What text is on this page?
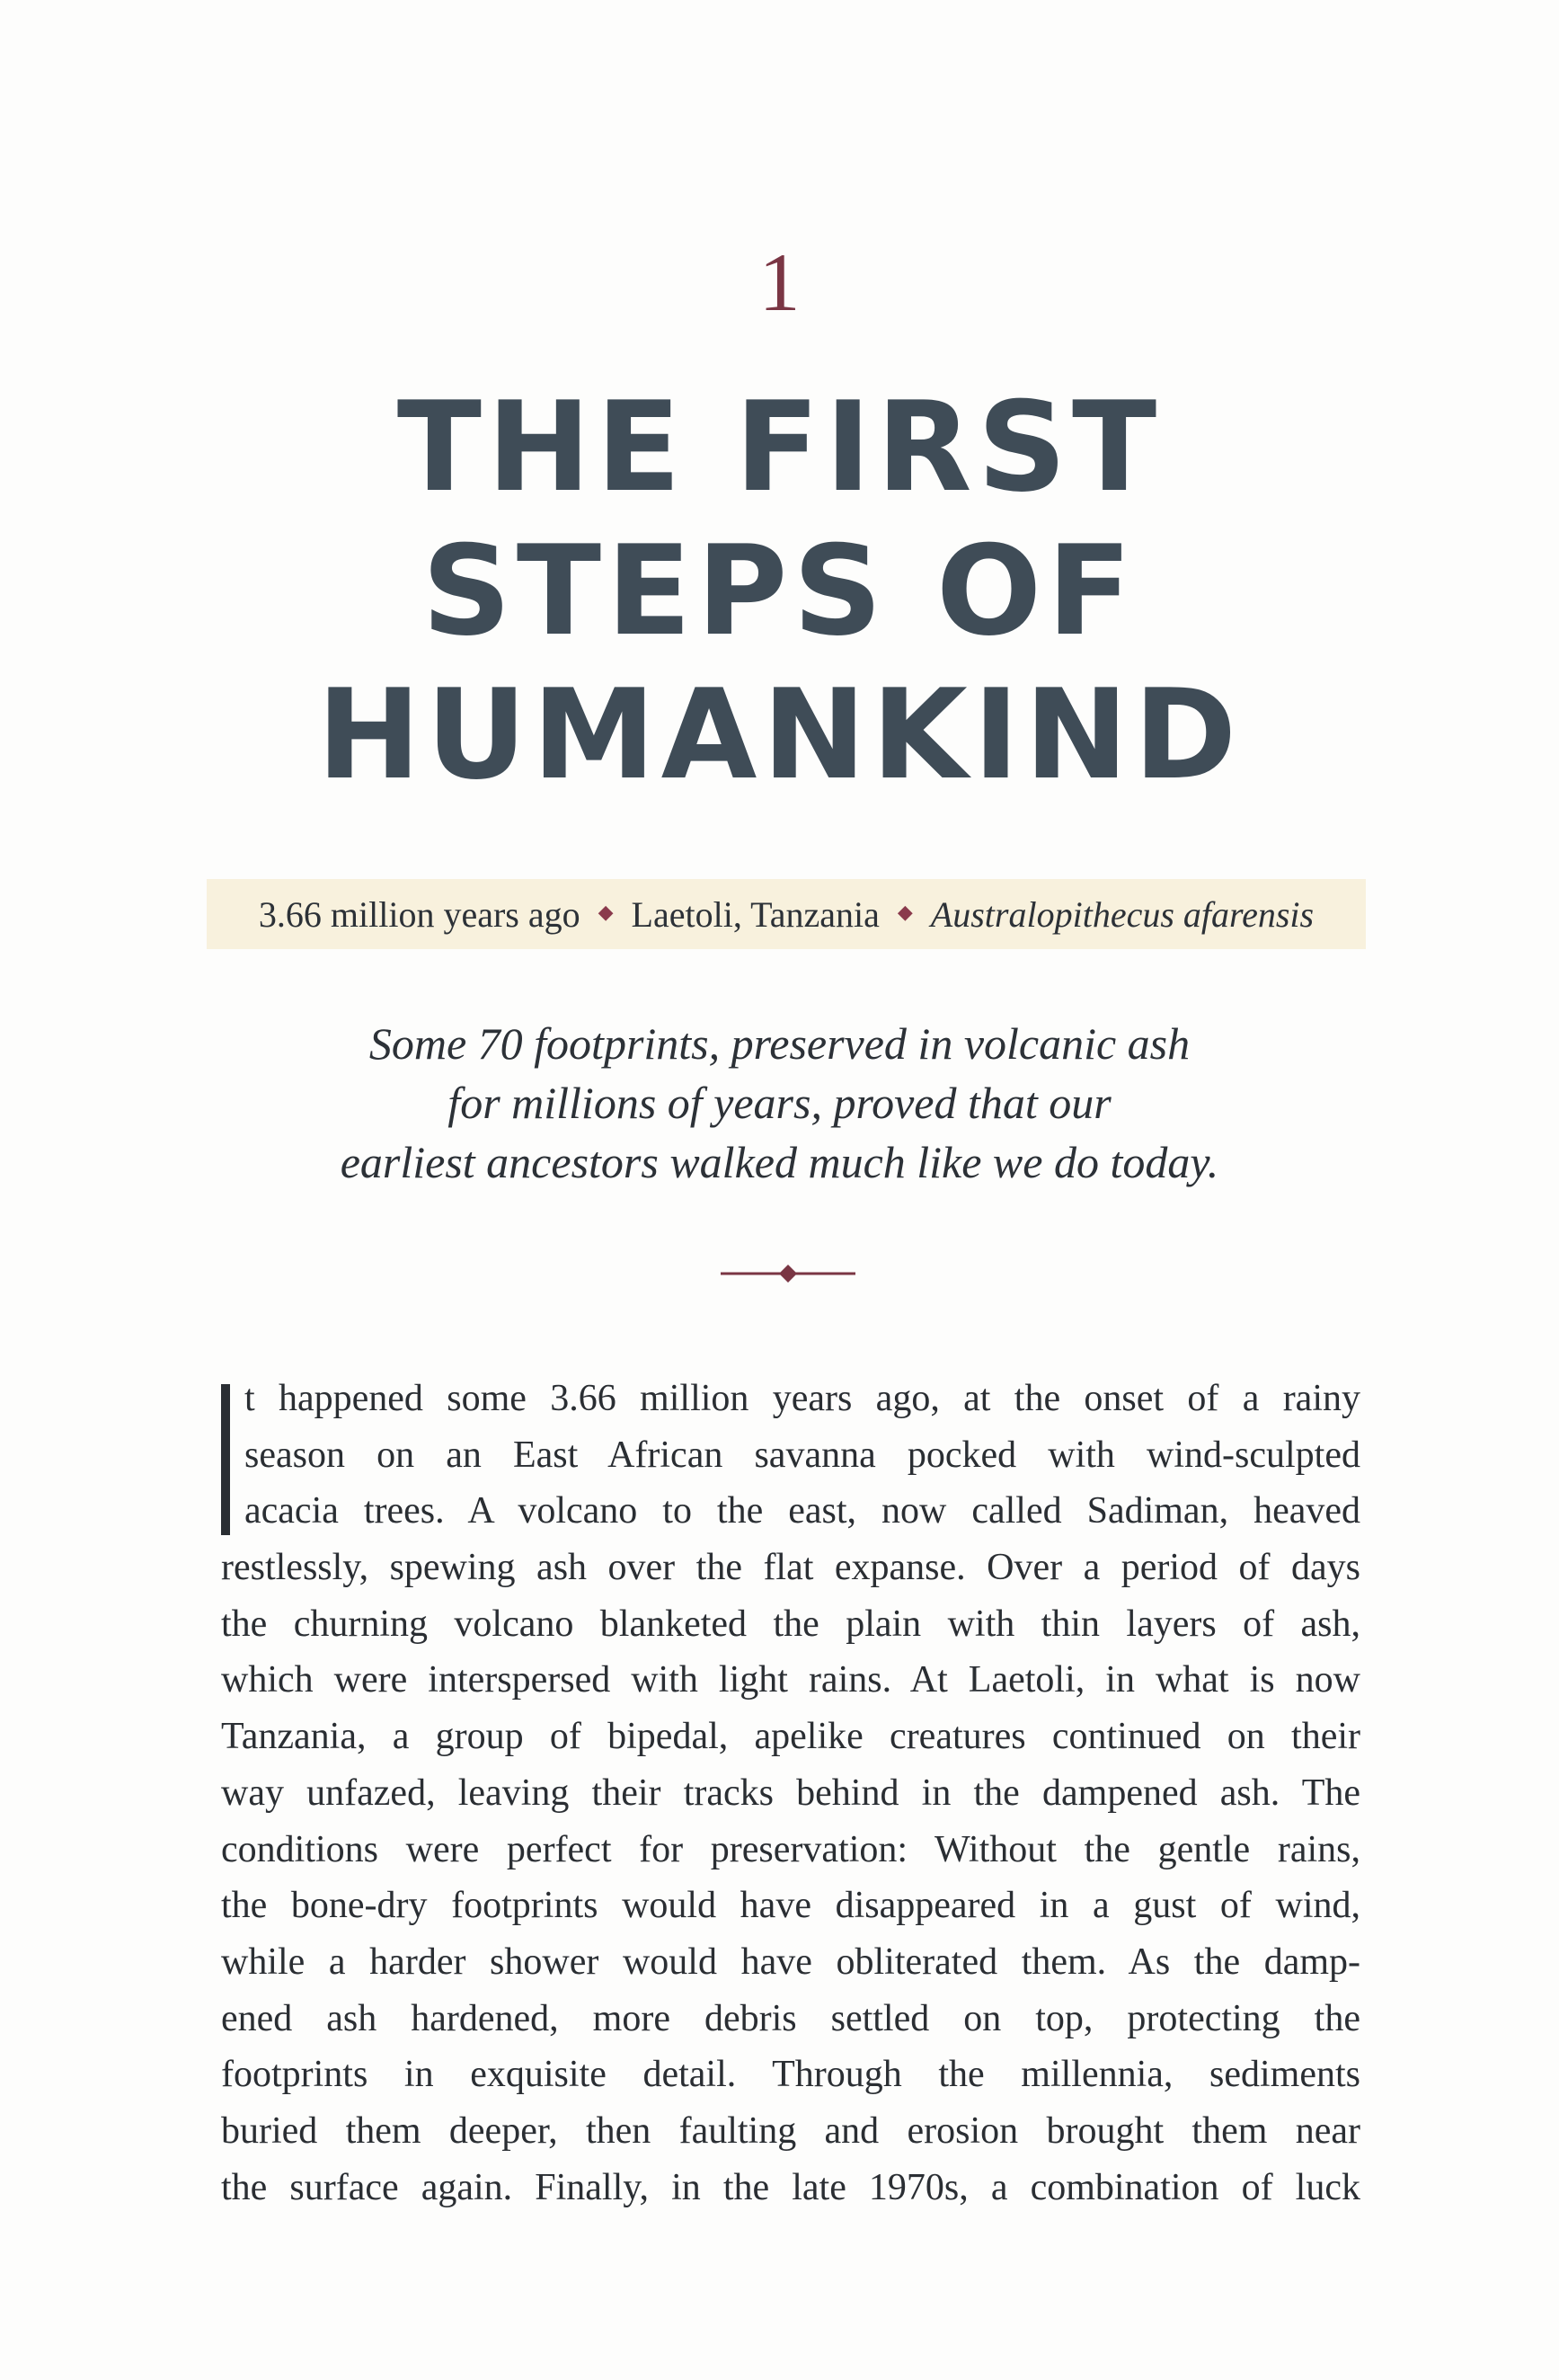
1
THE FIRST
STEPS OF
HUMANKIND
3.66 million years ago ◆ Laetoli, Tanzania ◆ Australopithecus afarensis
Some 70 footprints, preserved in volcanic ash
for millions of years, proved that our
earliest ancestors walked much like we do today.
t happened some 3.66 million years ago, at the onset of a rainy
season on an East African savanna pocked with wind-sculpted
acacia trees. A volcano to the east, now called Sadiman, heaved
restlessly, spewing ash over the flat expanse. Over a period of days
the churning volcano blanketed the plain with thin layers of ash,
which were interspersed with light rains. At Laetoli, in what is now
Tanzania, a group of bipedal, apelike creatures continued on their
way unfazed, leaving their tracks behind in the dampened ash. The
conditions were perfect for preservation: Without the gentle rains,
the bone-dry footprints would have disappeared in a gust of wind,
while a harder shower would have obliterated them. As the damp-
ened ash hardened, more debris settled on top, protecting the
footprints in exquisite detail. Through the millennia, sediments
buried them deeper, then faulting and erosion brought them near
the surface again. Finally, in the late 1970s, a combination of luck
